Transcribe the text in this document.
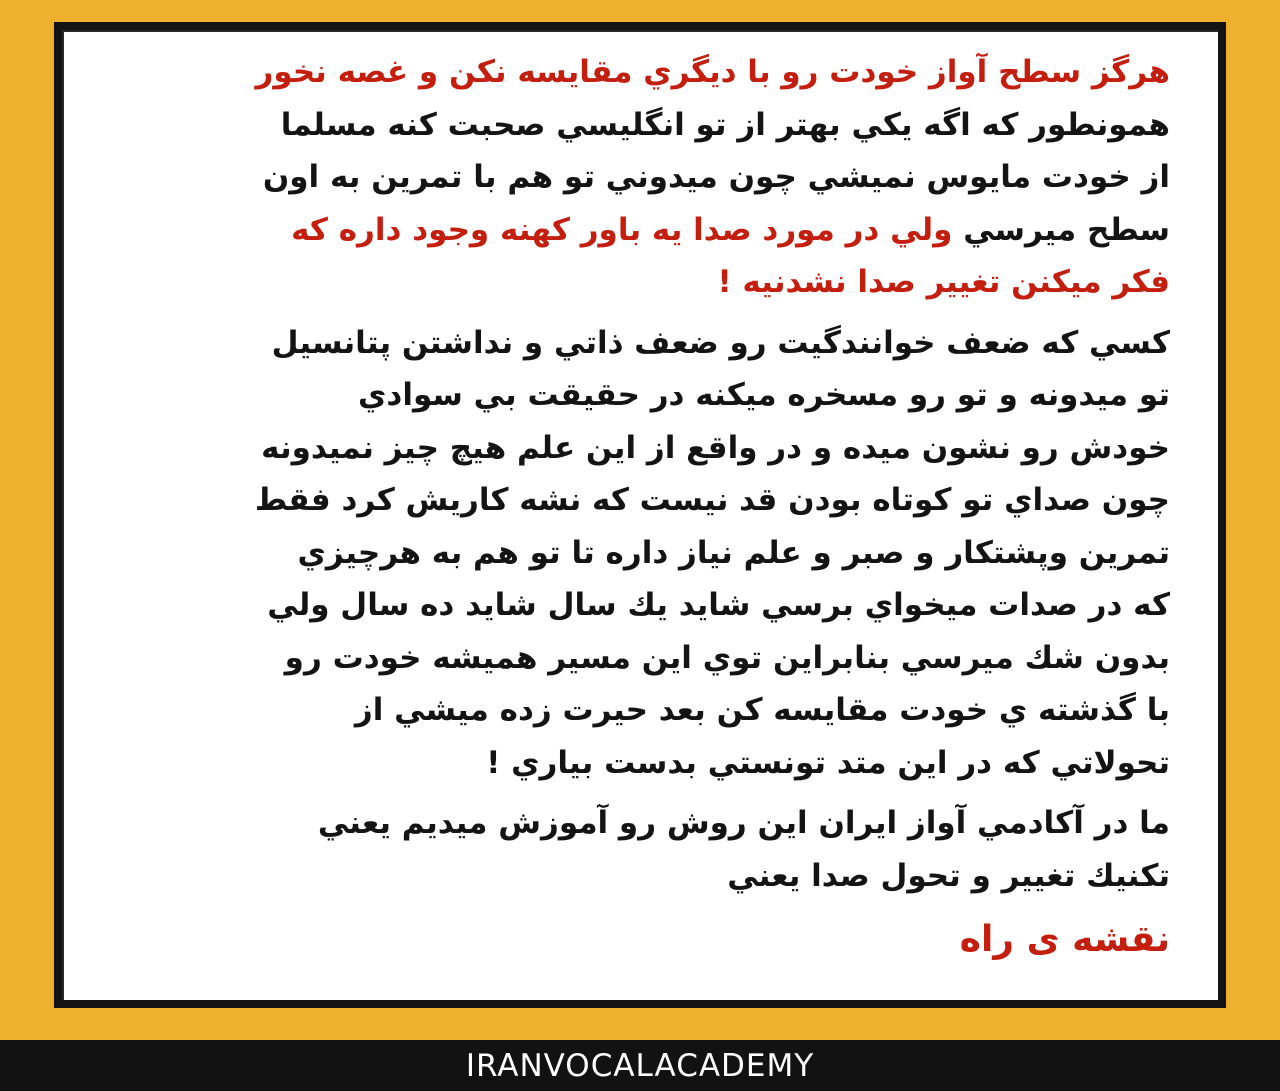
هرگز سطح آواز خودت رو با ديگري مقايسه نكن و غصه نخور
همونطور كه اگه يكي بهتر از تو انگليسي صحبت كنه مسلما
از خودت مايوس نميشي چون ميدوني تو هم با تمرين به اون
سطح ميرسي ولي در مورد صدا يه باور كهنه وجود داره كه
فكر ميكنن تغيير صدا نشدنيه !
كسي كه ضعف خوانندگيت رو ضعف ذاتي و نداشتن پتانسيل
تو ميدونه و تو رو مسخره ميكنه در حقيقت بي سوادي
خودش رو نشون ميده و در واقع از اين علم هيچ چيز نميدونه
چون صداي تو كوتاه بودن قد نيست كه نشه كاريش كرد فقط
تمرين وپشتكار و صبر و علم نياز داره تا تو هم به هرچيزي
كه در صدات ميخواي برسي شايد يك سال شايد ده سال ولي
بدون شك ميرسي بنابراين توي اين مسير هميشه خودت رو
با گذشته ي خودت مقايسه كن بعد حيرت زده ميشي از
تحولاتي كه در اين متد تونستي بدست بياري !
ما در آكادمي آواز ايران اين روش رو آموزش ميديم يعني
تكنيك تغيير و تحول صدا يعني
نقشه ی راه
IRANVOCALACADEMY
